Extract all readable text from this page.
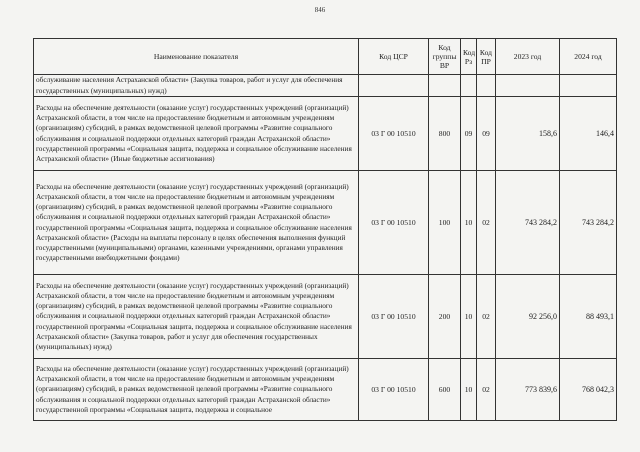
846
Наименование показателя	Код ЦСР	Код группы ВР	Код Рз	Код ПР	2023 год	2024 год
обслуживание населения Астраханской области» (Закупка товаров, работ и услуг для обеспечения государственных (муниципальных) нужд)						
Расходы на обеспечение деятельности (оказание услуг) государственных учреждений (организаций) Астраханской области, в том числе на предоставление бюджетным и автономным учреждениям (организациям) субсидий, в рамках ведомственной целевой программы «Развитие социального обслуживания и социальной поддержки отдельных категорий граждан Астраханской области» государственной программы «Социальная защита, поддержка и социальное обслуживание населения Астраханской области» (Иные бюджетные ассигнования)	03 Г 00 10510	800	09	09	158,6	146,4
Расходы на обеспечение деятельности (оказание услуг) государственных учреждений (организаций) Астраханской области, в том числе на предоставление бюджетным и автономным учреждениям (организациям) субсидий, в рамках ведомственной целевой программы «Развитие социального обслуживания и социальной поддержки отдельных категорий граждан Астраханской области» государственной программы «Социальная защита, поддержка и социальное обслуживание населения Астраханской области» (Расходы на выплаты персоналу в целях обеспечения выполнения функций государственными (муниципальными) органами, казенными учреждениями, органами управления государственными внебюджетными фондами)	03 Г 00 10510	100	10	02	743 284,2	743 284,2
Расходы на обеспечение деятельности (оказание услуг) государственных учреждений (организаций) Астраханской области, в том числе на предоставление бюджетным и автономным учреждениям (организациям) субсидий, в рамках ведомственной целевой программы «Развитие социального обслуживания и социальной поддержки отдельных категорий граждан Астраханской области» государственной программы «Социальная защита, поддержка и социальное обслуживание населения Астраханской области» (Закупка товаров, работ и услуг для обеспечения государственных (муниципальных) нужд)	03 Г 00 10510	200	10	02	92 256,0	88 493,1
Расходы на обеспечение деятельности (оказание услуг) государственных учреждений (организаций) Астраханской области, в том числе на предоставление бюджетным и автономным учреждениям (организациям) субсидий, в рамках ведомственной целевой программы «Развитие социального обслуживания и социальной поддержки отдельных категорий граждан Астраханской области» государственной программы «Социальная защита, поддержка и социальное	03 Г 00 10510	600	10	02	773 839,6	768 042,3
